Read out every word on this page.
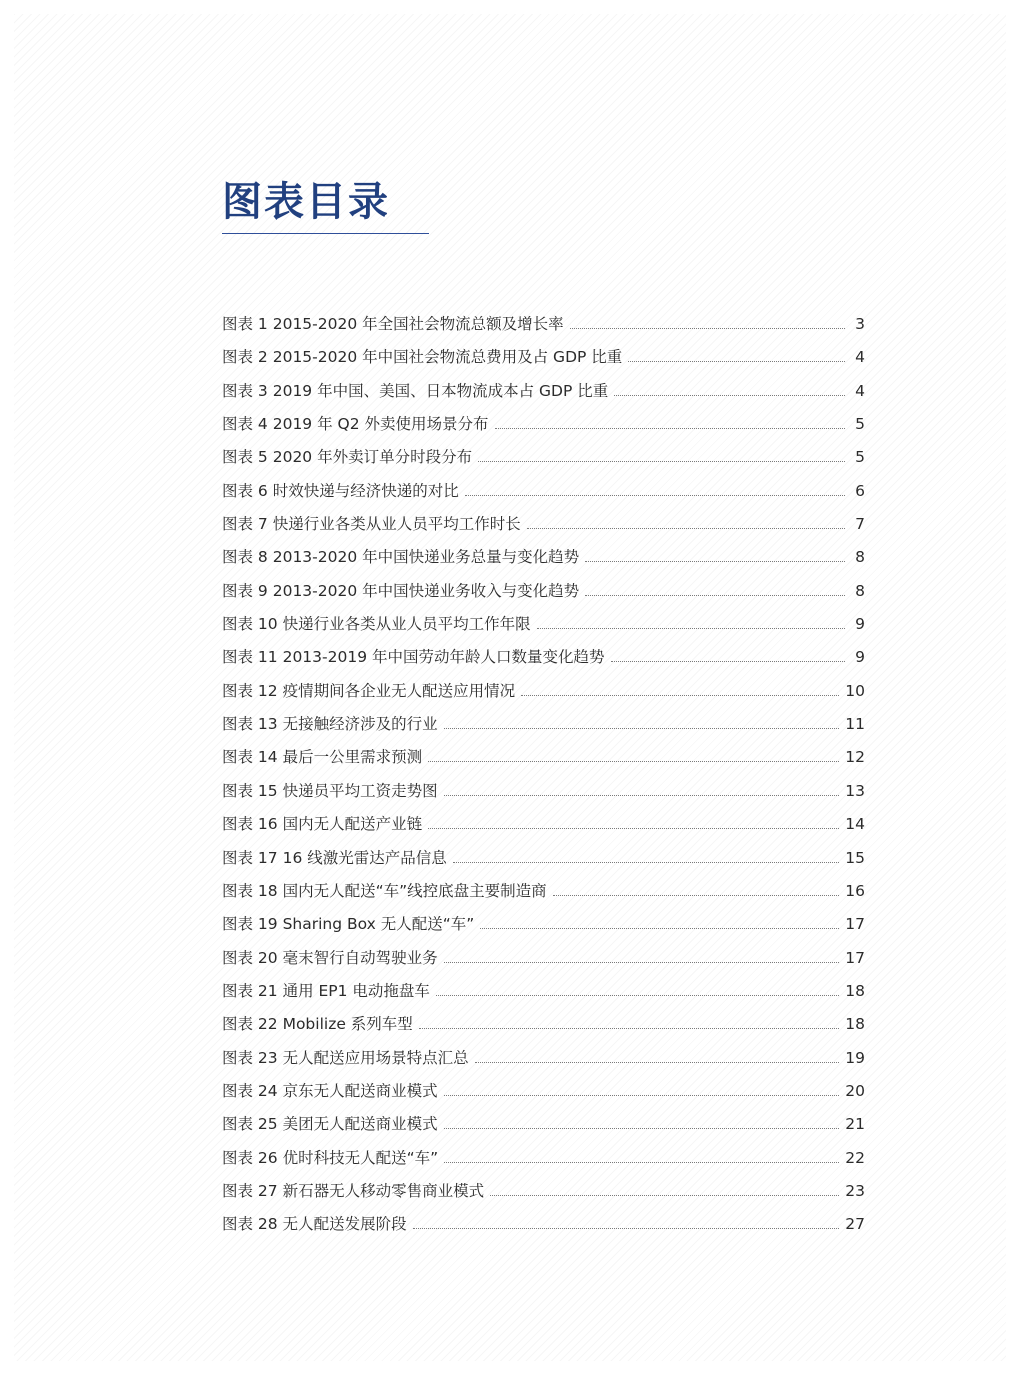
图表目录
图表 1 2015-2020 年全国社会物流总额及增长率	3
图表 2 2015-2020 年中国社会物流总费用及占 GDP 比重	4
图表 3 2019 年中国、美国、日本物流成本占 GDP 比重	4
图表 4 2019 年 Q2 外卖使用场景分布	5
图表 5 2020 年外卖订单分时段分布	5
图表 6 时效快递与经济快递的对比	6
图表 7 快递行业各类从业人员平均工作时长	7
图表 8 2013-2020 年中国快递业务总量与变化趋势	8
图表 9 2013-2020 年中国快递业务收入与变化趋势	8
图表 10 快递行业各类从业人员平均工作年限	9
图表 11 2013-2019 年中国劳动年龄人口数量变化趋势	9
图表 12 疫情期间各企业无人配送应用情况	10
图表 13 无接触经济涉及的行业	11
图表 14 最后一公里需求预测	12
图表 15 快递员平均工资走势图	13
图表 16 国内无人配送产业链	14
图表 17 16 线激光雷达产品信息	15
图表 18 国内无人配送“车”线控底盘主要制造商	16
图表 19 Sharing Box 无人配送“车”	17
图表 20 毫末智行自动驾驶业务	17
图表 21 通用 EP1 电动拖盘车	18
图表 22 Mobilize 系列车型	18
图表 23 无人配送应用场景特点汇总	19
图表 24 京东无人配送商业模式	20
图表 25 美团无人配送商业模式	21
图表 26 优时科技无人配送“车”	22
图表 27 新石器无人移动零售商业模式	23
图表 28 无人配送发展阶段	27
